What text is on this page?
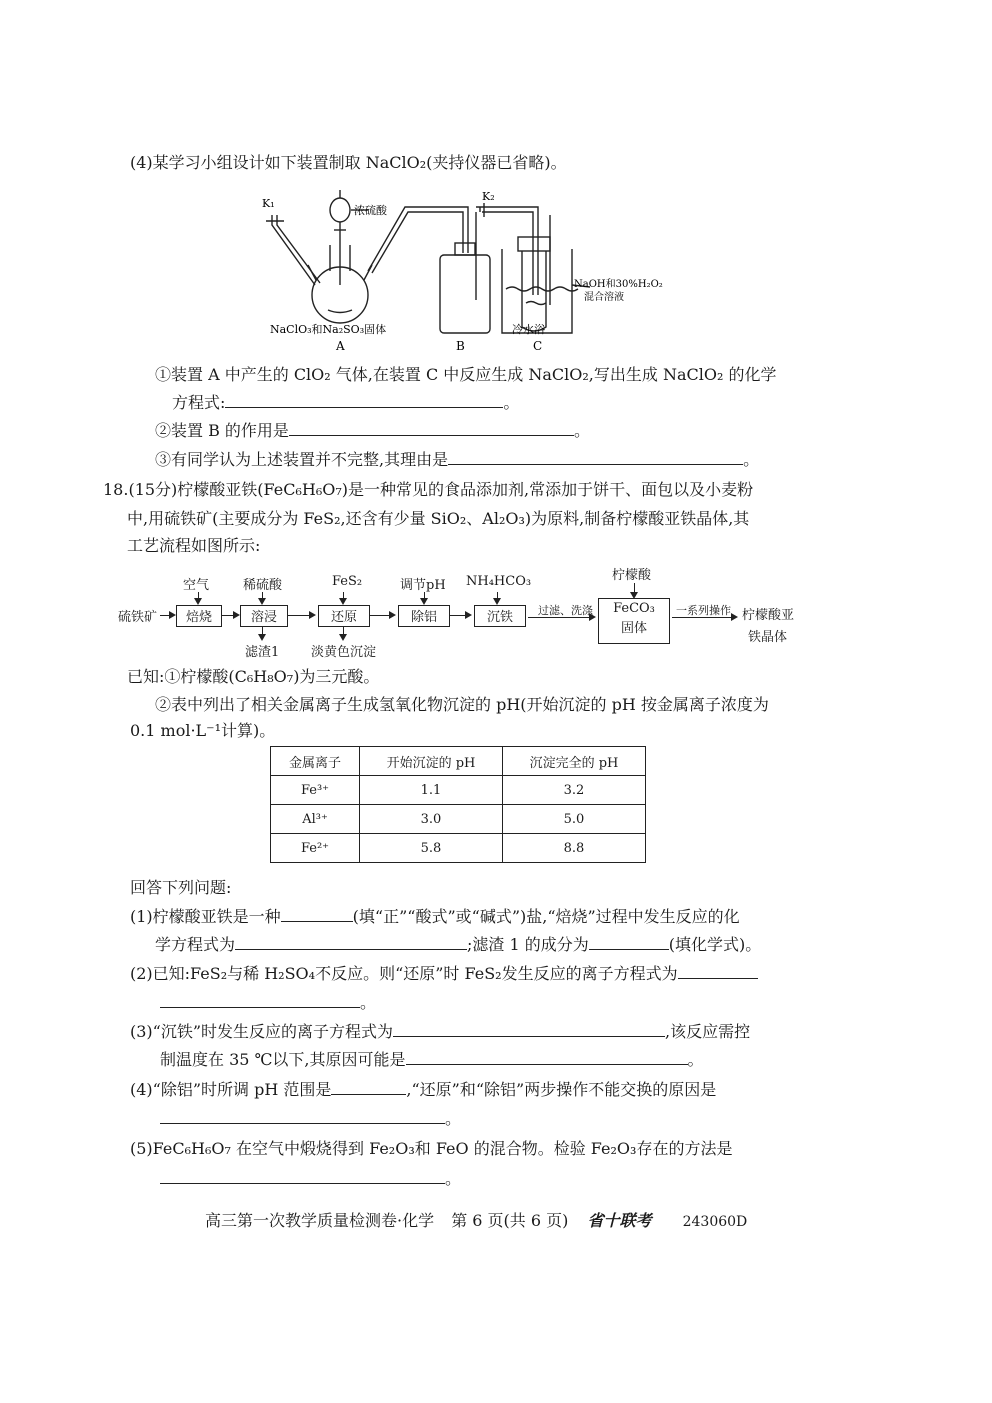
(4)某学习小组设计如下装置制取 NaClO₂(夹持仪器已省略)。
K₁
K₂
浓硫酸
NaClO₃和Na₂SO₃固体
NaOH和30%H₂O₂
混合溶液
冷水浴
A	B	C
①装置 A 中产生的 ClO₂ 气体,在装置 C 中反应生成 NaClO₂,写出生成 NaClO₂ 的化学
方程式:	。
②装置 B 的作用是	。
③有同学认为上述装置并不完整,其理由是	。
18.(15分)柠檬酸亚铁(FeC₆H₆O₇)是一种常见的食品添加剂,常添加于饼干、面包以及小麦粉
中,用硫铁矿(主要成分为 FeS₂,还含有少量 SiO₂、Al₂O₃)为原料,制备柠檬酸亚铁晶体,其
工艺流程如图所示:
硫铁矿
空气
焙烧
稀硫酸
溶浸
滤渣1
FeS₂
还原
淡黄色沉淀
调节pH
除铝
NH₄HCO₃
沉铁	过滤、洗涤
柠檬酸
FeCO₃
固体
一系列操作 柠檬酸亚
铁晶体
已知:①柠檬酸(C₆H₈O₇)为三元酸。
②表中列出了相关金属离子生成氢氧化物沉淀的 pH(开始沉淀的 pH 按金属离子浓度为
0.1 mol·L⁻¹计算)。
金属离子	开始沉淀的 pH	沉淀完全的 pH
Fe³⁺	1.1	3.2
Al³⁺	3.0	5.0
Fe²⁺	5.8	8.8
回答下列问题:
(1)柠檬酸亚铁是一种	(填“正”“酸式”或“碱式”)盐,“焙烧”过程中发生反应的化
学方程式为	;滤渣 1 的成分为	(填化学式)。
(2)已知:FeS₂与稀 H₂SO₄不反应。则“还原”时 FeS₂发生反应的离子方程式为
。
(3)“沉铁”时发生反应的离子方程式为	,该反应需控
制温度在 35 ℃以下,其原因可能是	。
(4)“除铝”时所调 pH 范围是	,“还原”和“除铝”两步操作不能交换的原因是
。
(5)FeC₆H₆O₇ 在空气中煅烧得到 Fe₂O₃和 FeO 的混合物。检验 Fe₂O₃存在的方法是
。
高三第一次教学质量检测卷·化学 第 6 页(共 6 页) 省十联考 243060D
